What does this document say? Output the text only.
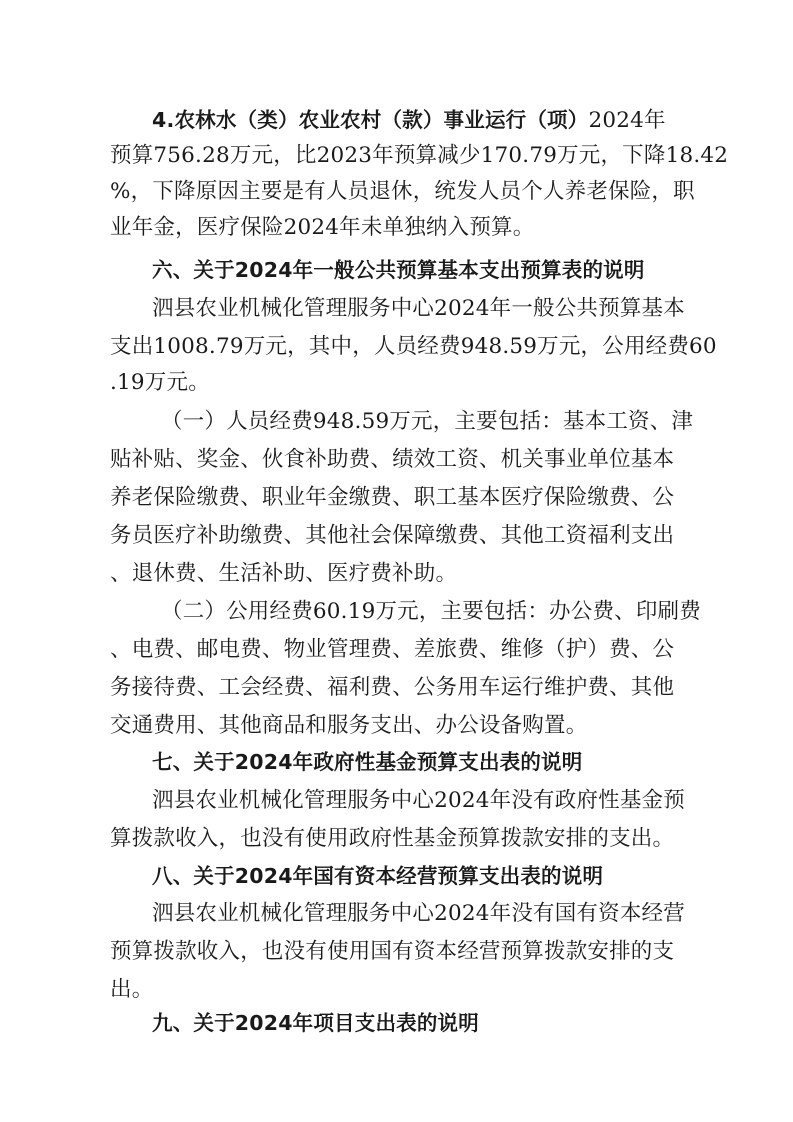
4.农林水（类）农业农村（款）事业运行（项）2024年
预算756.28万元，比2023年预算减少170.79万元，下降18.42
%，下降原因主要是有人员退休，统发人员个人养老保险，职
业年金，医疗保险2024年未单独纳入预算。
六、关于2024年一般公共预算基本支出预算表的说明
泗县农业机械化管理服务中心2024年一般公共预算基本
支出1008.79万元，其中，人员经费948.59万元，公用经费60
.19万元。
（一）人员经费948.59万元，主要包括：基本工资、津
贴补贴、奖金、伙食补助费、绩效工资、机关事业单位基本
养老保险缴费、职业年金缴费、职工基本医疗保险缴费、公
务员医疗补助缴费、其他社会保障缴费、其他工资福利支出
、退休费、生活补助、医疗费补助。
（二）公用经费60.19万元，主要包括：办公费、印刷费
、电费、邮电费、物业管理费、差旅费、维修（护）费、公
务接待费、工会经费、福利费、公务用车运行维护费、其他
交通费用、其他商品和服务支出、办公设备购置。
七、关于2024年政府性基金预算支出表的说明
泗县农业机械化管理服务中心2024年没有政府性基金预
算拨款收入，也没有使用政府性基金预算拨款安排的支出。
八、关于2024年国有资本经营预算支出表的说明
泗县农业机械化管理服务中心2024年没有国有资本经营
预算拨款收入，也没有使用国有资本经营预算拨款安排的支
出。
九、关于2024年项目支出表的说明
